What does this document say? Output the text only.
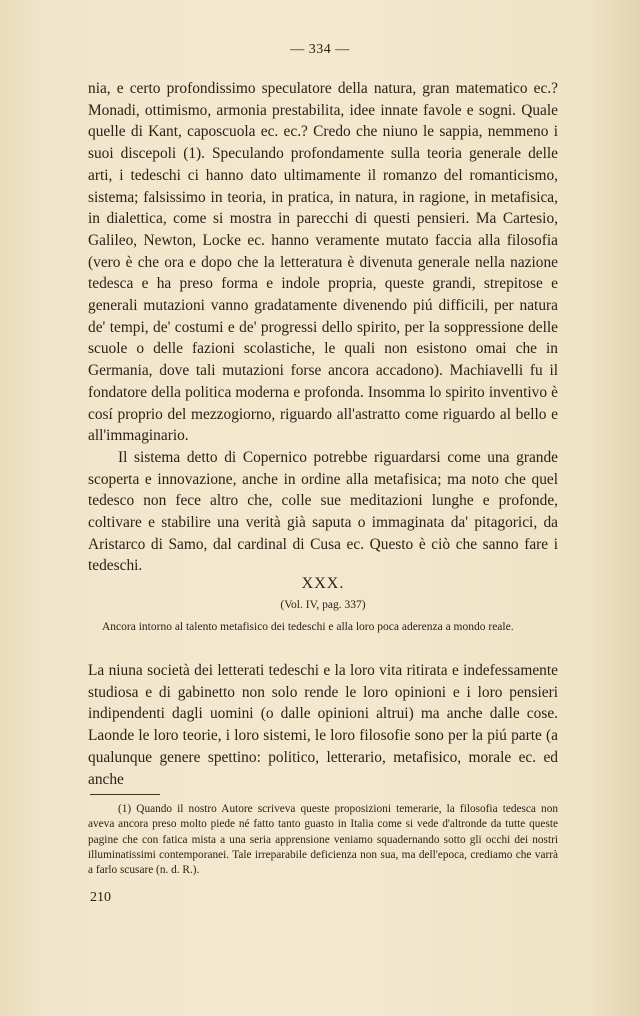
— 334 —

nia, e certo profondissimo speculatore della natura, gran matematico ec.? Monadi, ottimismo, armonia prestabilita, idee innate favole e sogni. Quale quelle di Kant, caposcuola ec. ec.? Credo che niuno le sappia, nemmeno i suoi discepoli (1). Speculando profondamente sulla teoria generale delle arti, i tedeschi ci hanno dato ultimamente il romanzo del romanticismo, sistema; falsissimo in teoria, in pratica, in natura, in ragione, in metafisica, in dialettica, come si mostra in parecchi di questi pensieri. Ma Cartesio, Galileo, Newton, Locke ec. hanno veramente mutato faccia alla filosofia (vero è che ora e dopo che la letteratura è divenuta generale nella nazione tedesca e ha preso forma e indole propria, queste grandi, strepitose e generali mutazioni vanno gradatamente divenendo piú difficili, per natura de' tempi, de' costumi e de' progressi dello spirito, per la soppressione delle scuole o delle fazioni scolastiche, le quali non esistono omai che in Germania, dove tali mutazioni forse ancora accadono). Machiavelli fu il fondatore della politica moderna e profonda. Insomma lo spirito inventivo è cosí proprio del mezzogiorno, riguardo all'astratto come riguardo al bello e all'immaginario.

Il sistema detto di Copernico potrebbe riguardarsi come una grande scoperta e innovazione, anche in ordine alla metafisica; ma noto che quel tedesco non fece altro che, colle sue meditazioni lunghe e profonde, coltivare e stabilire una verità già saputa o immaginata da' pitagorici, da Aristarco di Samo, dal cardinal di Cusa ec. Questo è ciò che sanno fare i tedeschi.

XXX.
(Vol. IV, pag. 337)
Ancora intorno al talento metafisico dei tedeschi e alla loro poca aderenza a mondo reale.

La niuna società dei letterati tedeschi e la loro vita ritirata e indefessamente studiosa e di gabinetto non solo rende le loro opinioni e i loro pensieri indipendenti dagli uomini (o dalle opinioni altrui) ma anche dalle cose. Laonde le loro teorie, i loro sistemi, le loro filosofie sono per la piú parte (a qualunque genere spettino: politico, letterario, metafisico, morale ec. ed anche

(1) Quando il nostro Autore scriveva queste proposizioni temerarie, la filosofia tedesca non aveva ancora preso molto piede né fatto tanto guasto in Italia come si vede d'altronde da tutte queste pagine che con fatica mista a una seria apprensione veniamo squadernando sotto gli occhi dei nostri illuminatissimi contemporanei. Tale irreparabile deficienza non sua, ma dell'epoca, crediamo che varrà a farlo scusare (n. d. R.).

210
